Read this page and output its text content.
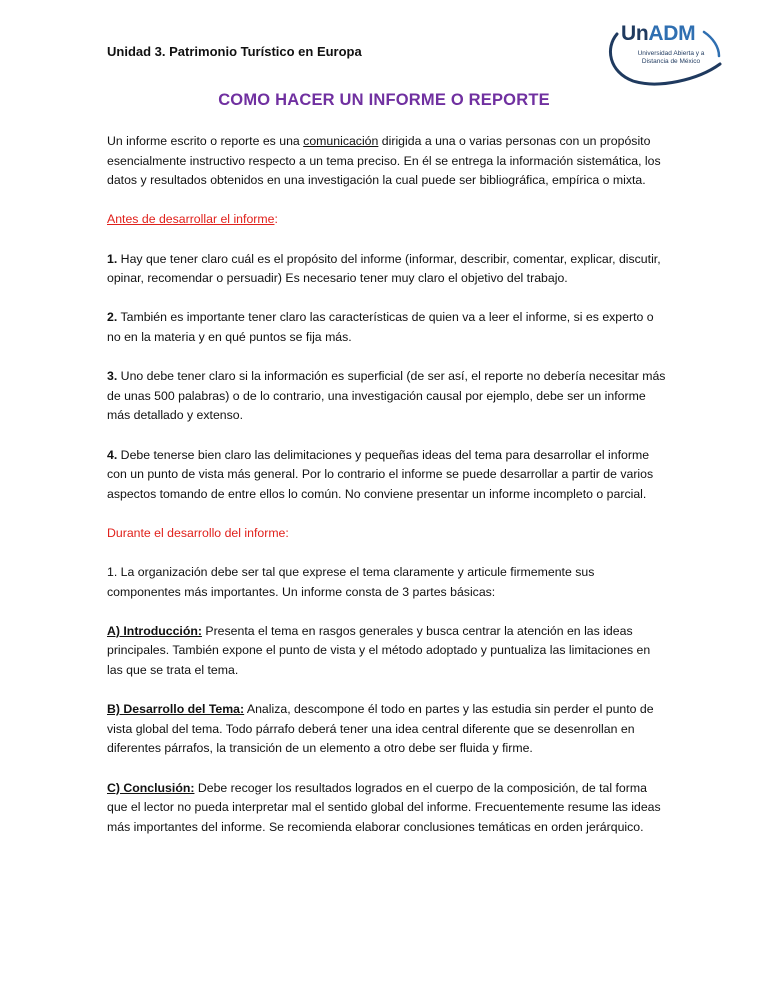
Unidad 3. Patrimonio Turístico en Europa
UnADM
Universidad Abierta y a Distancia de México
COMO HACER UN INFORME O REPORTE

Un informe escrito o reporte es una comunicación dirigida a una o varias personas con un propósito esencialmente instructivo respecto a un tema preciso. En él se entrega la información sistemática, los datos y resultados obtenidos en una investigación la cual puede ser bibliográfica, empírica o mixta.

Antes de desarrollar el informe:

1. Hay que tener claro cuál es el propósito del informe (informar, describir, comentar, explicar, discutir, opinar, recomendar o persuadir) Es necesario tener muy claro el objetivo del trabajo.

2. También es importante tener claro las características de quien va a leer el informe, si es experto o no en la materia y en qué puntos se fija más.

3. Uno debe tener claro si la información es superficial (de ser así, el reporte no debería necesitar más de unas 500 palabras) o de lo contrario, una investigación causal por ejemplo, debe ser un informe más detallado y extenso.

4. Debe tenerse bien claro las delimitaciones y pequeñas ideas del tema para desarrollar el informe con un punto de vista más general. Por lo contrario el informe se puede desarrollar a partir de varios aspectos tomando de entre ellos lo común. No conviene presentar un informe incompleto o parcial.

Durante el desarrollo del informe:

1. La organización debe ser tal que exprese el tema claramente y articule firmemente sus componentes más importantes. Un informe consta de 3 partes básicas:

A) Introducción: Presenta el tema en rasgos generales y busca centrar la atención en las ideas principales. También expone el punto de vista y el método adoptado y puntualiza las limitaciones en las que se trata el tema.

B) Desarrollo del Tema: Analiza, descompone él todo en partes y las estudia sin perder el punto de vista global del tema. Todo párrafo deberá tener una idea central diferente que se desenrollan en diferentes párrafos, la transición de un elemento a otro debe ser fluida y firme.

C) Conclusión: Debe recoger los resultados logrados en el cuerpo de la composición, de tal forma que el lector no pueda interpretar mal el sentido global del informe. Frecuentemente resume las ideas más importantes del informe. Se recomienda elaborar conclusiones temáticas en orden jerárquico.
